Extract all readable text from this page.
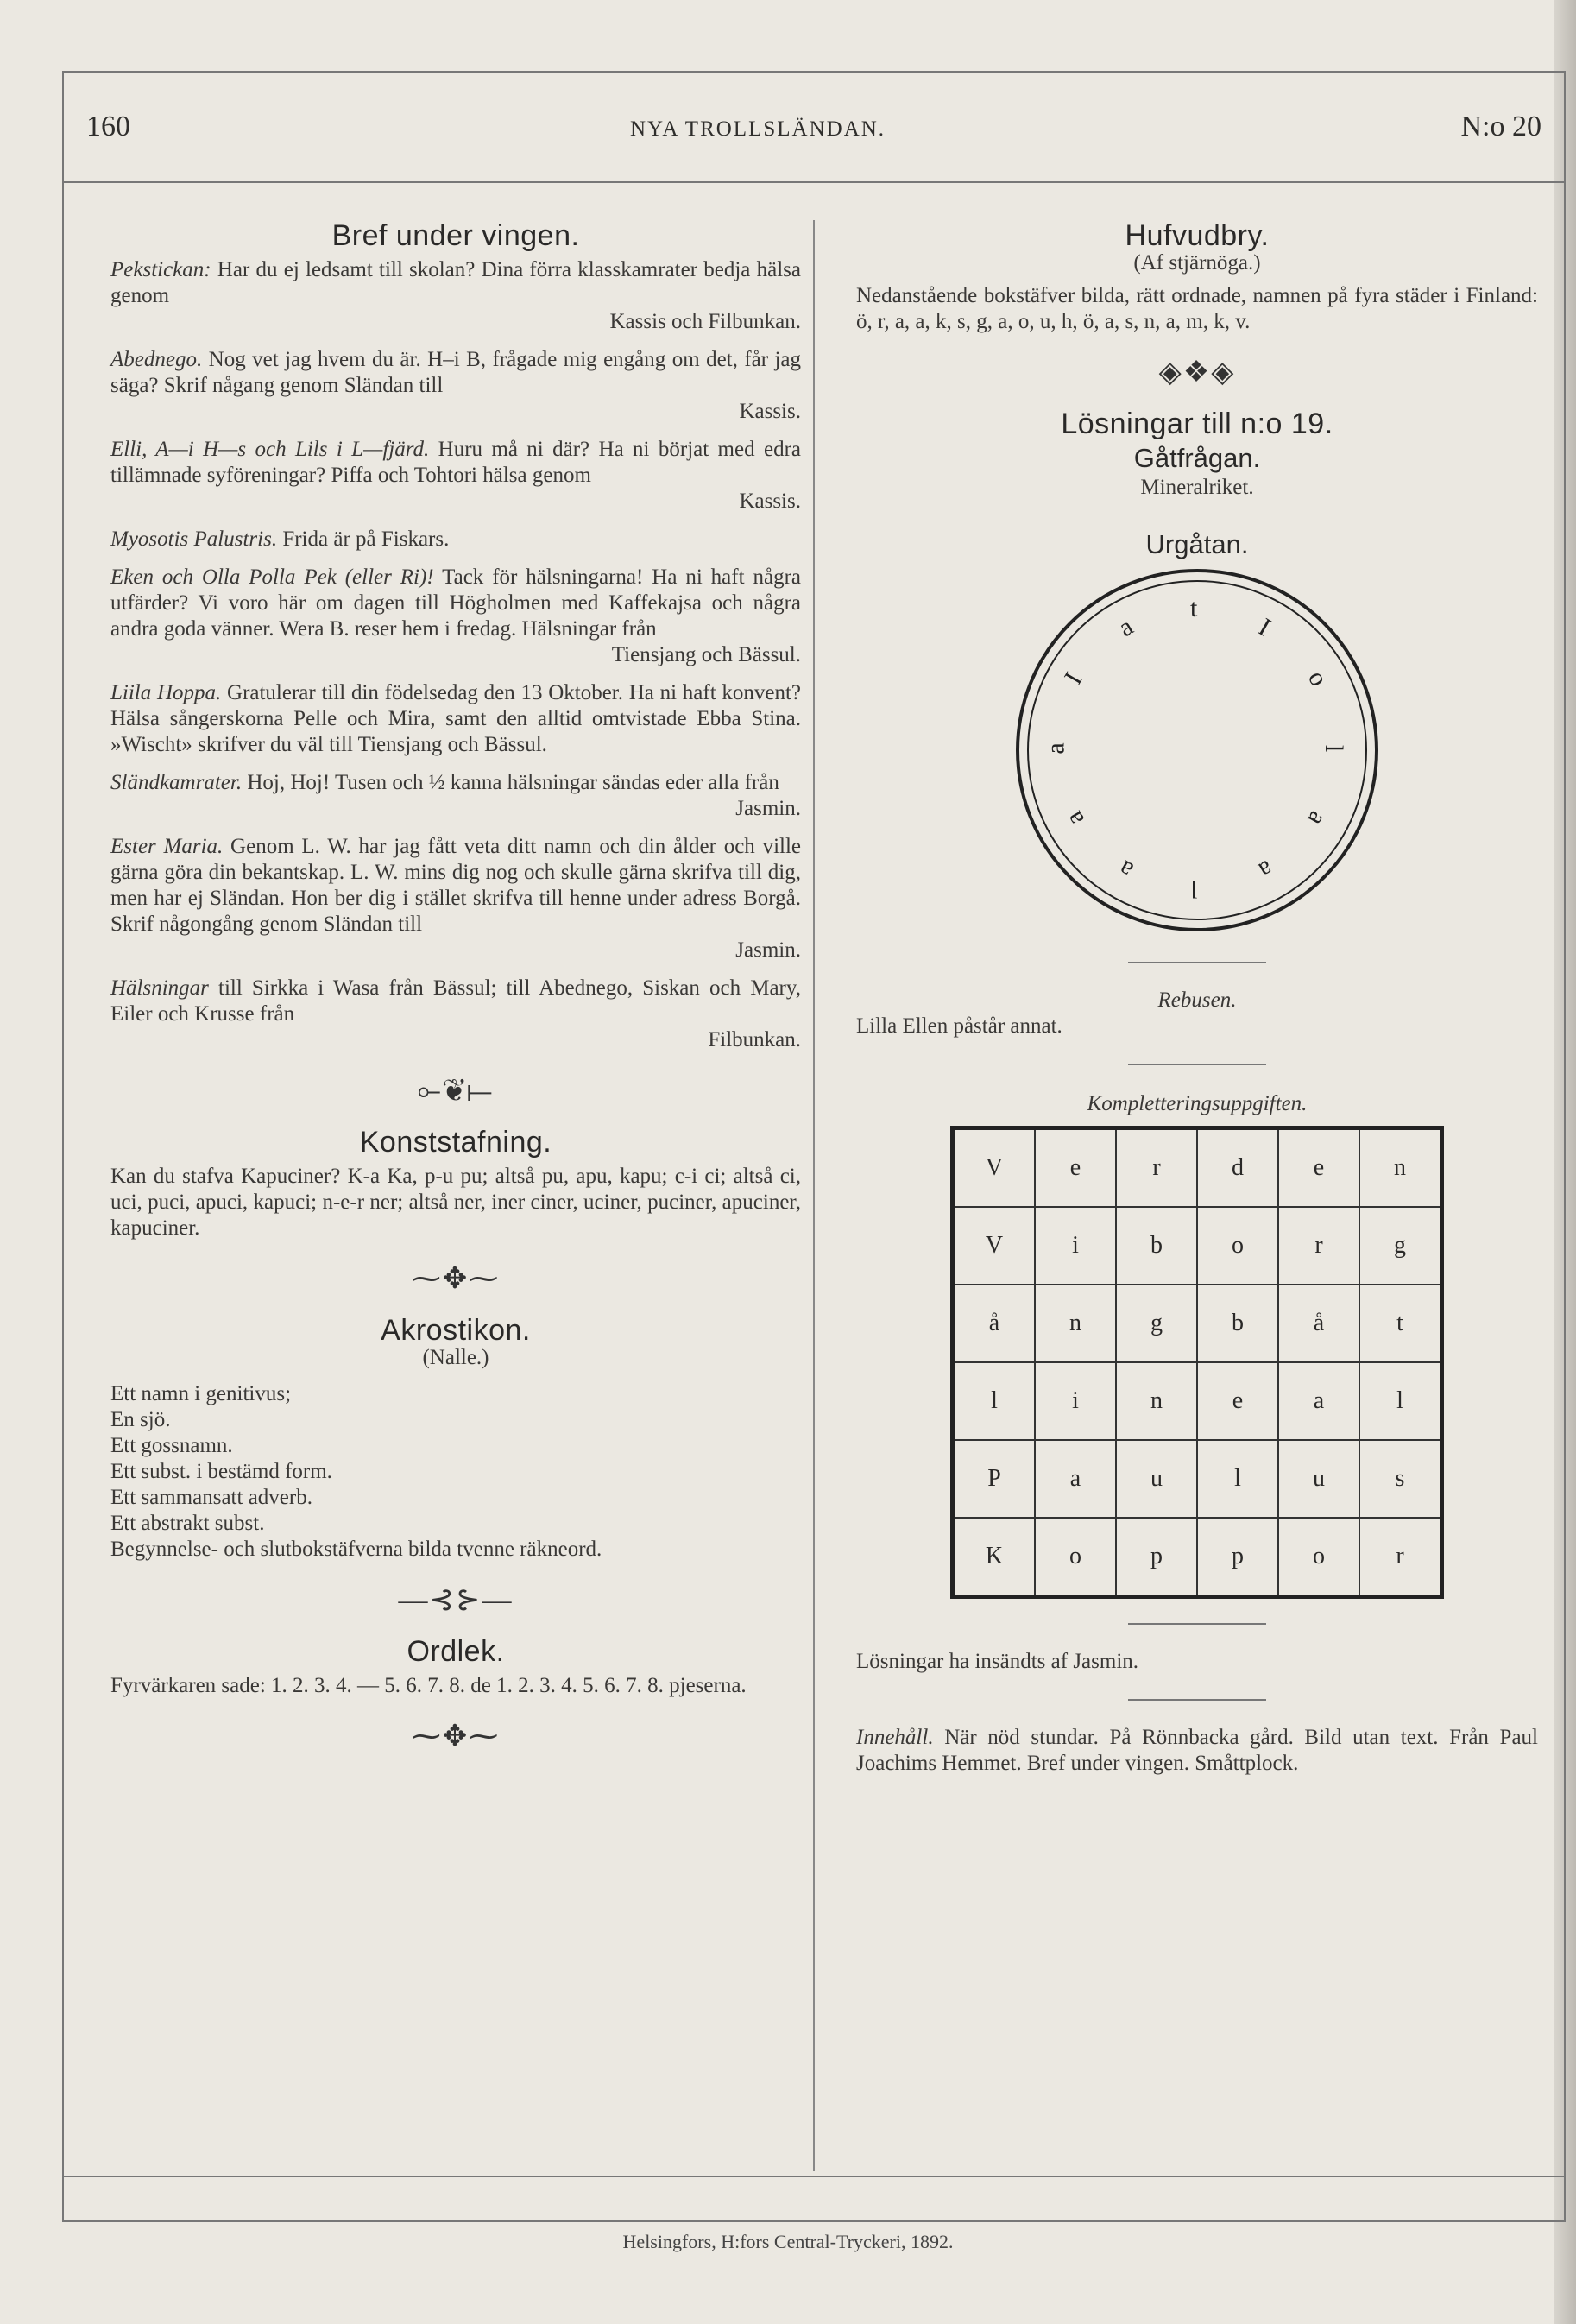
160	NYA TROLLSLÄNDAN.	N:o 20
Bref under vingen.

Pekstickan: Har du ej ledsamt till skolan? Dina förra klasskamrater bedja hälsa genom
Kassis och Filbunkan.

Abednego. Nog vet jag hvem du är. H–i B, frågade mig engång om det, får jag säga? Skrif någang genom Sländan till
Kassis.

Elli, A—i H—s och Lils i L—fjärd. Huru må ni där? Ha ni börjat med edra tillämnade syföreningar? Piffa och Tohtori hälsa genom
Kassis.

Myosotis Palustris. Frida är på Fiskars.

Eken och Olla Polla Pek (eller Ri)! Tack för hälsningarna! Ha ni haft några utfärder? Vi voro här om dagen till Högholmen med Kaffekajsa och några andra goda vänner. Wera B. reser hem i fredag. Hälsningar från
Tiensjang och Bässul.

Liila Hoppa. Gratulerar till din födelsedag den 13 Oktober. Ha ni haft konvent? Hälsa sångerskorna Pelle och Mira, samt den alltid omtvistade Ebba Stina. »Wischt» skrifver du väl till Tiensjang och Bässul.

Sländkamrater. Hoj, Hoj! Tusen och ½ kanna hälsningar sändas eder alla från
Jasmin.

Ester Maria. Genom L. W. har jag fått veta ditt namn och din ålder och ville gärna göra din bekantskap. L. W. mins dig nog och skulle gärna skrifva till dig, men har ej Sländan. Hon ber dig i stället skrifva till henne under adress Borgå. Skrif någongång genom Sländan till
Jasmin.

Hälsningar till Sirkka i Wasa från Bässul; till Abednego, Siskan och Mary, Eiler och Krusse från
Filbunkan.

⟜❦⟝
Konststafning.

Kan du stafva Kapuciner? K-a Ka, p-u pu; altså pu, apu, kapu; c-i ci; altså ci, uci, puci, apuci, kapuci; n-e-r ner; altså ner, iner ciner, uciner, puciner, apuciner, kapuciner.

⁓✥⁓
Akrostikon.
(Nalle.)
Ett namn i genitivus;
En sjö.
Ett gossnamn.
Ett subst. i bestämd form.
Ett sammansatt adverb.
Ett abstrakt subst.
Begynnelse- och slutbokstäfverna bilda tvenne räkneord.
—⊰⊱—
Ordlek.

Fyrvärkaren sade: 1. 2. 3. 4. — 5. 6. 7. 8. de 1. 2. 3. 4. 5. 6. 7. 8. pjeserna.

⁓✥⁓
Hufvudbry.
(Af stjärnöga.)

Nedanstående bokstäfver bilda, rätt ordnade, namnen på fyra städer i Finland: ö, r, a, a, k, s, g, a, o, u, h, ö, a, s, n, a, m, k, v.

◈❖◈
Lösningar till n:o 19.
Gåtfrågan.
Mineralriket.
Urgåtan.
t
I
o
l
a
a
l
a
a
a
I
a
Rebusen.
Lilla Ellen påstår annat.
Kompletteringsuppgiften.
V	e	r	d	e	n
V	i	b	o	r	g
å	n	g	b	å	t
l	i	n	e	a	l
P	a	u	l	u	s
K	o	p	p	o	r
Lösningar ha insändts af Jasmin.

Innehåll. När nöd stundar. På Rönnbacka gård. Bild utan text. Från Paul Joachims Hemmet. Bref under vingen. Småttplock.

Helsingfors, H:fors Central-Tryckeri, 1892.
